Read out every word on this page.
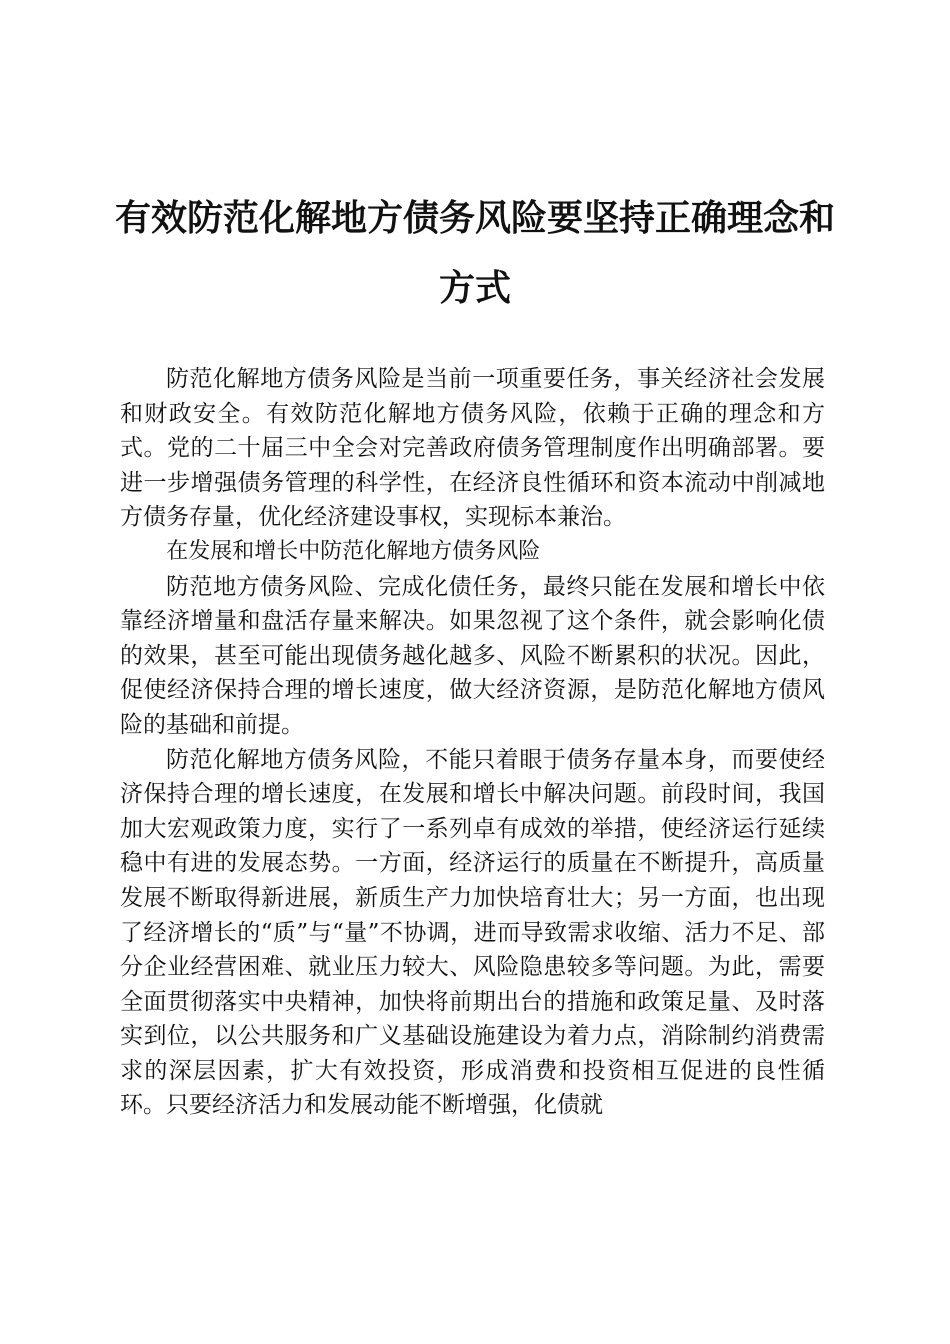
有效防范化解地方债务风险要坚持正确理念和
方式

防范化解地方债务风险是当前一项重要任务，事关经济社会发展和财政安全。有效防范化解地方债务风险，依赖于正确的理念和方式。党的二十届三中全会对完善政府债务管理制度作出明确部署。要进一步增强债务管理的科学性，在经济良性循环和资本流动中削减地方债务存量，优化经济建设事权，实现标本兼治。

在发展和增长中防范化解地方债务风险

防范地方债务风险、完成化债任务，最终只能在发展和增长中依靠经济增量和盘活存量来解决。如果忽视了这个条件，就会影响化债的效果，甚至可能出现债务越化越多、风险不断累积的状况。因此，促使经济保持合理的增长速度，做大经济资源，是防范化解地方债风险的基础和前提。

防范化解地方债务风险，不能只着眼于债务存量本身，而要使经济保持合理的增长速度，在发展和增长中解决问题。前段时间，我国加大宏观政策力度，实行了一系列卓有成效的举措，使经济运行延续稳中有进的发展态势。一方面，经济运行的质量在不断提升，高质量发展不断取得新进展，新质生产力加快培育壮大；另一方面，也出现了经济增长的“质”与“量”不协调，进而导致需求收缩、活力不足、部分企业经营困难、就业压力较大、风险隐患较多等问题。为此，需要全面贯彻落实中央精神，加快将前期出台的措施和政策足量、及时落实到位，以公共服务和广义基础设施建设为着力点，消除制约消费需求的深层因素，扩大有效投资，形成消费和投资相互促进的良性循环。只要经济活力和发展动能不断增强，化债就
